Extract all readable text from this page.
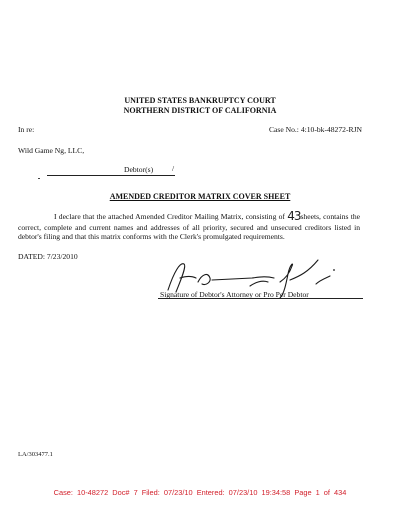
UNITED STATES BANKRUPTCY COURT
NORTHERN DISTRICT OF CALIFORNIA
In re:	Case No.: 4:10-bk-48272-RJN
Wild Game Ng, LLC,
Debtor(s) /
AMENDED CREDITOR MATRIX COVER SHEET

I declare that the attached Amended Creditor Mailing Matrix, consisting of 43sheets, contains the correct, complete and current names and addresses of all priority, secured and unsecured creditors listed in debtor's filing and that this matrix conforms with the Clerk's promulgated requirements.

DATED: 7/23/2010
Signature of Debtor's Attorney or Pro Per Debtor
LA/303477.1
Case: 10-48272 Doc# 7 Filed: 07/23/10 Entered: 07/23/10 19:34:58 Page 1 of 434
